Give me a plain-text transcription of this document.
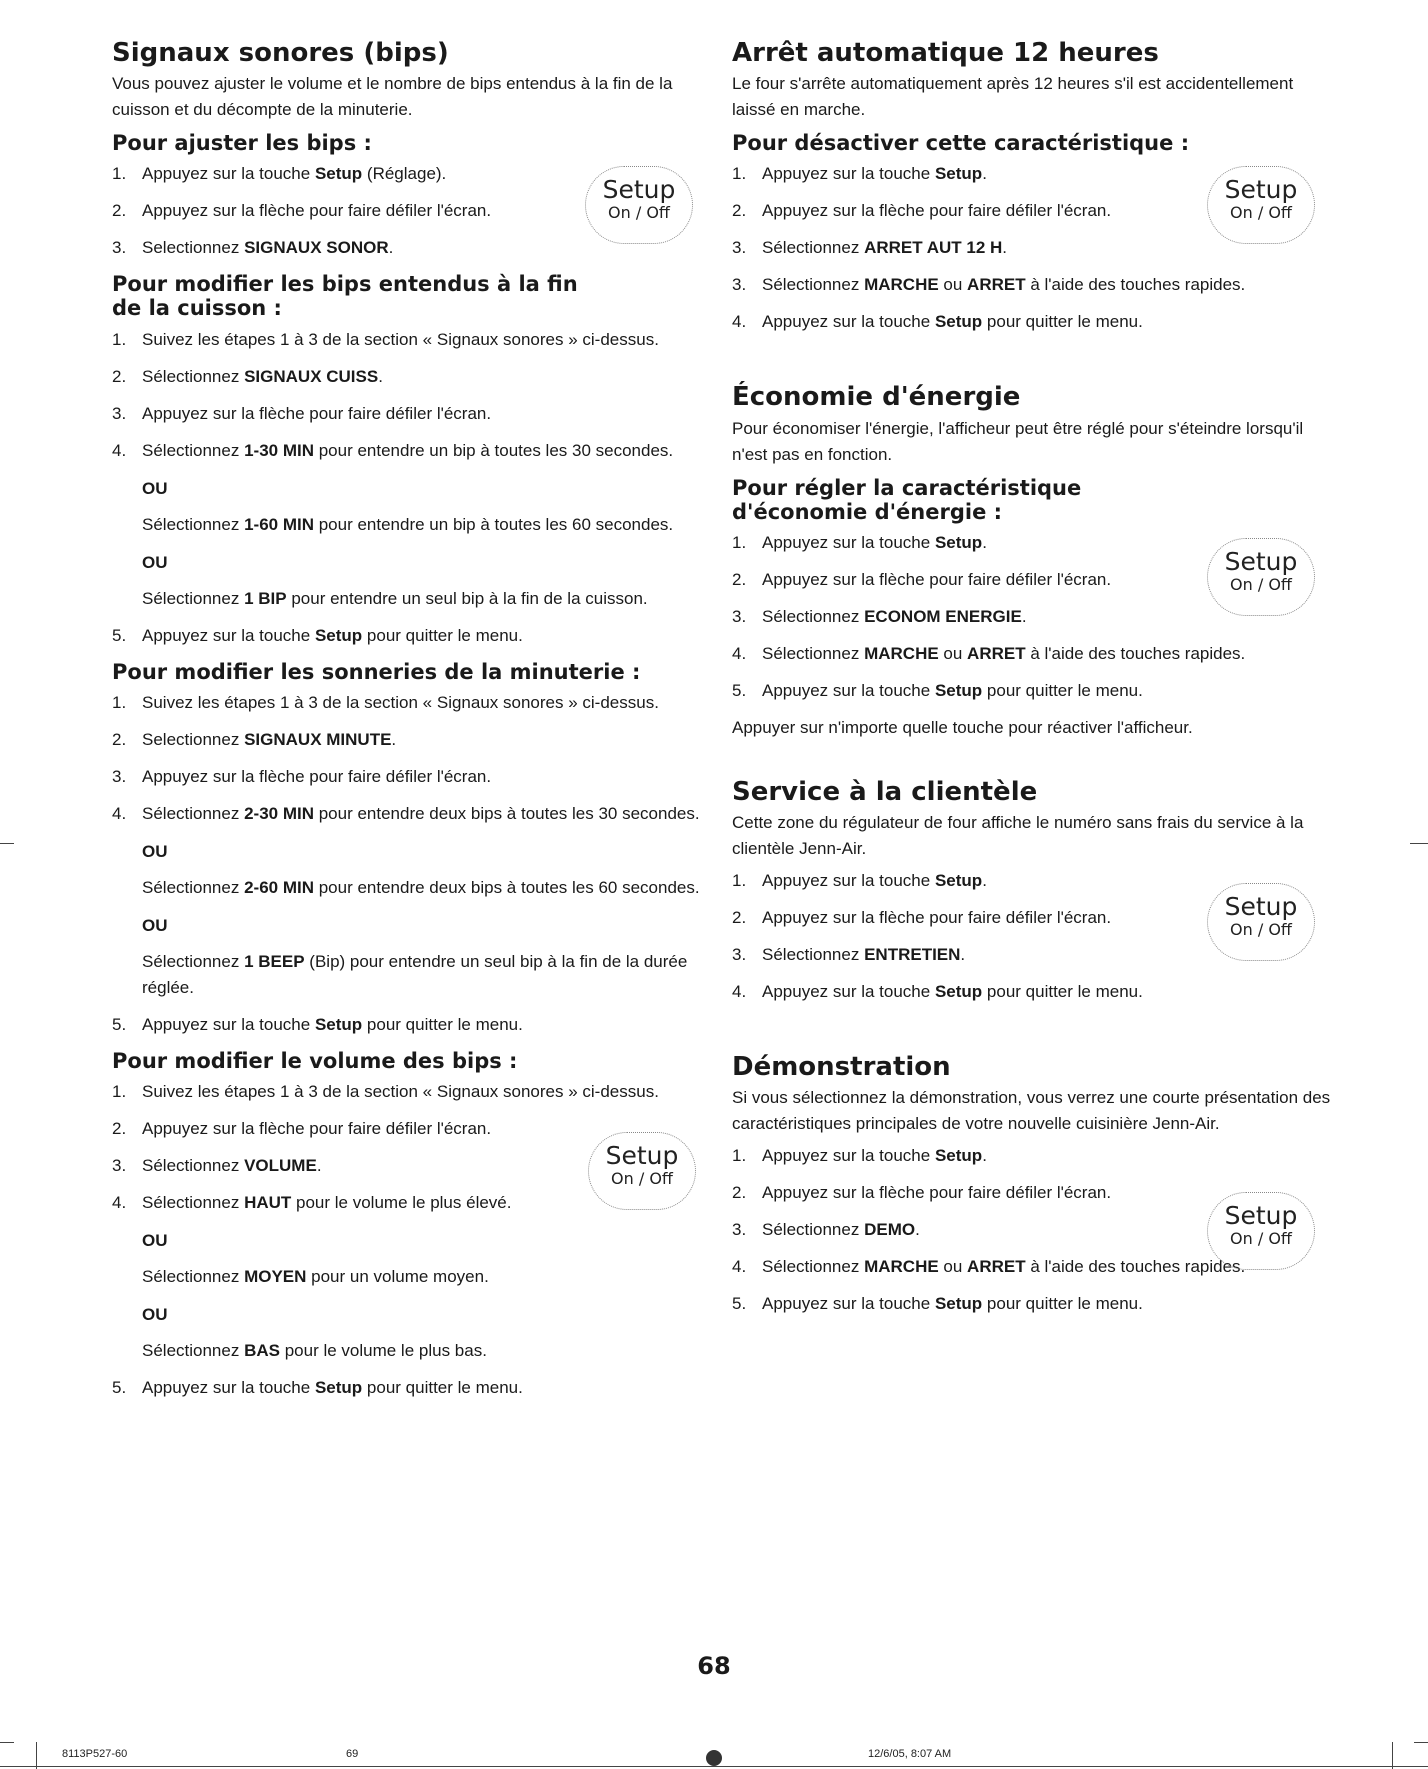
Signaux sonores (bips)

Vous pouvez ajuster le volume et le nombre de bips entendus à la fin de la cuisson et du décompte de la minuterie.

Pour ajuster les bips :
1. Appuyez sur la touche Setup (Réglage).
2. Appuyez sur la flèche pour faire défiler l'écran.
3. Selectionnez SIGNAUX SONOR.
Pour modifier les bips entendus à la fin
de la cuisson :
1. Suivez les étapes 1 à 3 de la section « Signaux sonores » ci-dessus.
2. Sélectionnez SIGNAUX CUISS.
3. Appuyez sur la flèche pour faire défiler l'écran.
4. Sélectionnez 1-30 MIN pour entendre un bip à toutes les 30 secondes.
OU

Sélectionnez 1-60 MIN pour entendre un bip à toutes les 60 secondes.

OU

Sélectionnez 1 BIP pour entendre un seul bip à la fin de la cuisson.

5. Appuyez sur la touche Setup pour quitter le menu.
Pour modifier les sonneries de la minuterie :
1. Suivez les étapes 1 à 3 de la section « Signaux sonores » ci-dessus.
2. Selectionnez SIGNAUX MINUTE.
3. Appuyez sur la flèche pour faire défiler l'écran.
4. Sélectionnez 2-30 MIN pour entendre deux bips à toutes les 30 secondes.
OU

Sélectionnez 2-60 MIN pour entendre deux bips à toutes les 60 secondes.

OU

Sélectionnez 1 BEEP (Bip) pour entendre un seul bip à la fin de la durée réglée.

5. Appuyez sur la touche Setup pour quitter le menu.
Pour modifier le volume des bips :
1. Suivez les étapes 1 à 3 de la section « Signaux sonores » ci-dessus.
2. Appuyez sur la flèche pour faire défiler l'écran.
3. Sélectionnez VOLUME.
4. Sélectionnez HAUT pour le volume le plus élevé.
OU

Sélectionnez MOYEN pour un volume moyen.

OU

Sélectionnez BAS pour le volume le plus bas.

5. Appuyez sur la touche Setup pour quitter le menu.
Arrêt automatique 12 heures

Le four s'arrête automatiquement après 12 heures s'il est accidentellement laissé en marche.

Pour désactiver cette caractéristique :
1. Appuyez sur la touche Setup.
2. Appuyez sur la flèche pour faire défiler l'écran.
3. Sélectionnez ARRET AUT 12 H.
3. Sélectionnez MARCHE ou ARRET à l'aide des touches rapides.
4. Appuyez sur la touche Setup pour quitter le menu.
Économie d'énergie

Pour économiser l'énergie, l'afficheur peut être réglé pour s'éteindre lorsqu'il n'est pas en fonction.

Pour régler la caractéristique
d'économie d'énergie :
1. Appuyez sur la touche Setup.
2. Appuyez sur la flèche pour faire défiler l'écran.
3. Sélectionnez ECONOM ENERGIE.
4. Sélectionnez MARCHE ou ARRET à l'aide des touches rapides.
5. Appuyez sur la touche Setup pour quitter le menu.

Appuyer sur n'importe quelle touche pour réactiver l'afficheur.

Service à la clientèle

Cette zone du régulateur de four affiche le numéro sans frais du service à la clientèle Jenn-Air.

1. Appuyez sur la touche Setup.
2. Appuyez sur la flèche pour faire défiler l'écran.
3. Sélectionnez ENTRETIEN.
4. Appuyez sur la touche Setup pour quitter le menu.
Démonstration

Si vous sélectionnez la démonstration, vous verrez une courte présentation des caractéristiques principales de votre nouvelle cuisinière Jenn-Air.

1. Appuyez sur la touche Setup.
2. Appuyez sur la flèche pour faire défiler l'écran.
3. Sélectionnez DEMO.
4. Sélectionnez MARCHE ou ARRET à l'aide des touches rapides.
5. Appuyez sur la touche Setup pour quitter le menu.
Setup
On / Off
Setup
On / Off
Setup
On / Off
Setup
On / Off
Setup
On / Off
Setup
On / Off
68
8113P527-60	69	12/6/05, 8:07 AM
